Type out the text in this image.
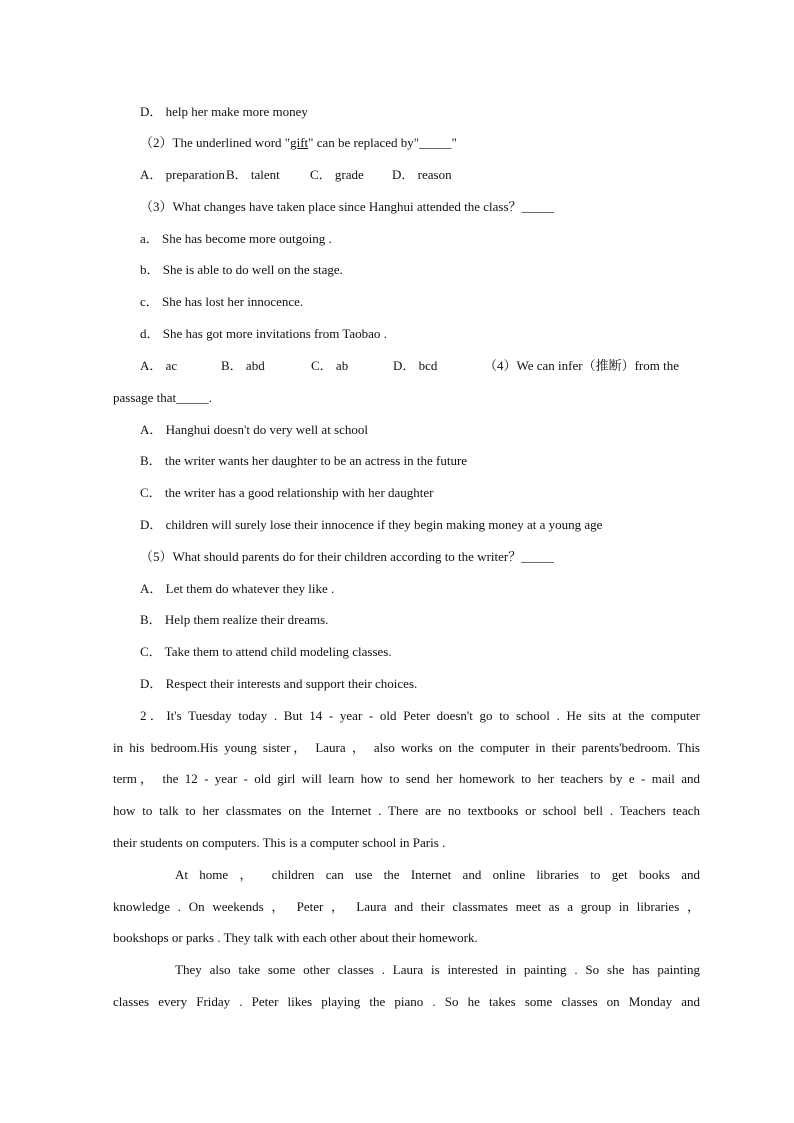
D． help her make more money
（2）The underlined word "gift" can be replaced by"_____"
A． preparationB． talent C． grade D． reason
（3）What changes have taken place since Hanghui attended the class？_____
a． She has become more outgoing .
b． She is able to do well on the stage.
c． She has lost her innocence.
d． She has got more invitations from Taobao .
A． ac	B． abd	C． ab	D． bcd	（4）We can infer（推断）from the
passage that_____.
A． Hanghui doesn't do very well at school
B． the writer wants her daughter to be an actress in the future
C． the writer has a good relationship with her daughter
D． children will surely lose their innocence if they begin making money at a young age
（5）What should parents do for their children according to the writer？_____
A． Let them do whatever they like .
B． Help them realize their dreams.
C． Take them to attend child modeling classes.
D． Respect their interests and support their choices.
2．It's Tuesday today . But 14 - year - old Peter doesn't go to school . He sits at the computer
in his bedroom.His young sister， Laura ， also works on the computer in their parents'bedroom. This
term， the 12 - year - old girl will learn how to send her homework to her teachers by e - mail and
how to talk to her classmates on the Internet . There are no textbooks or school bell . Teachers teach
their students on computers. This is a computer school in Paris .
At home ， children can use the Internet and online libraries to get books and
knowledge . On weekends ， Peter ， Laura and their classmates meet as a group in libraries ，
bookshops or parks . They talk with each other about their homework.
They also take some other classes . Laura is interested in painting . So she has painting
classes every Friday . Peter likes playing the piano . So he takes some classes on Monday and
